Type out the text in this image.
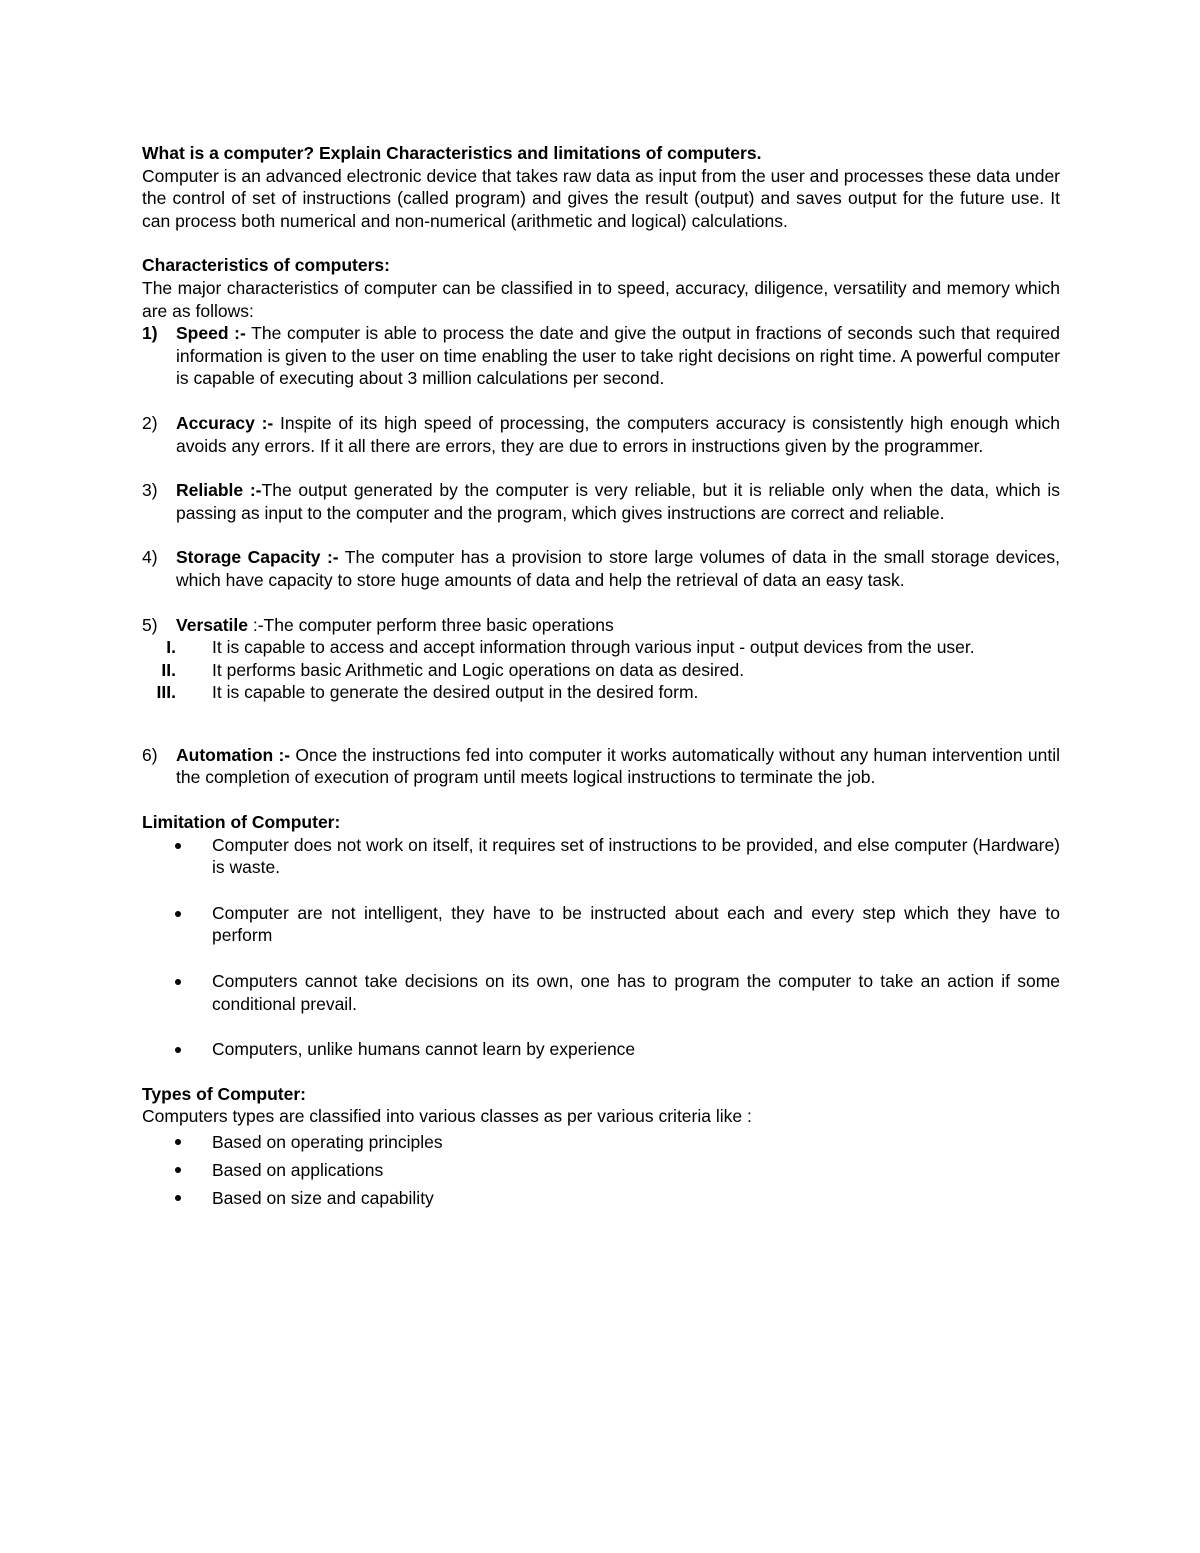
What is a computer? Explain Characteristics and limitations of computers.
Computer is an advanced electronic device that takes raw data as input from the user and processes these data under the control of set of instructions (called program) and gives the result (output) and saves output for the future use. It can process both numerical and non-numerical (arithmetic and logical) calculations.
Characteristics of computers:
The major characteristics of computer can be classified in to speed, accuracy, diligence, versatility and memory which are as follows:
1) Speed :- The computer is able to process the date and give the output in fractions of seconds such that required information is given to the user on time enabling the user to take right decisions on right time. A powerful computer is capable of executing about 3 million calculations per second.
2) Accuracy :- Inspite of its high speed of processing, the computers accuracy is consistently high enough which avoids any errors. If it all there are errors, they are due to errors in instructions given by the programmer.
3) Reliable :-The output generated by the computer is very reliable, but it is reliable only when the data, which is passing as input to the computer and the program, which gives instructions are correct and reliable.
4) Storage Capacity :- The computer has a provision to store large volumes of data in the small storage devices, which have capacity to store huge amounts of data and help the retrieval of data an easy task.
5) Versatile :-The computer perform three basic operations
I. It is capable to access and accept information through various input - output devices from the user.
II. It performs basic Arithmetic and Logic operations on data as desired.
III. It is capable to generate the desired output in the desired form.
6) Automation :- Once the instructions fed into computer it works automatically without any human intervention until the completion of execution of program until meets logical instructions to terminate the job.
Limitation of Computer:
Computer does not work on itself, it requires set of instructions to be provided, and else computer (Hardware) is waste.
Computer are not intelligent, they have to be instructed about each and every step which they have to perform
Computers cannot take decisions on its own, one has to program the computer to take an action if some conditional prevail.
Computers, unlike humans cannot learn by experience
Types of Computer:
Computers types are classified into various classes as per various criteria like :
Based on operating principles
Based on applications
Based on size and capability
